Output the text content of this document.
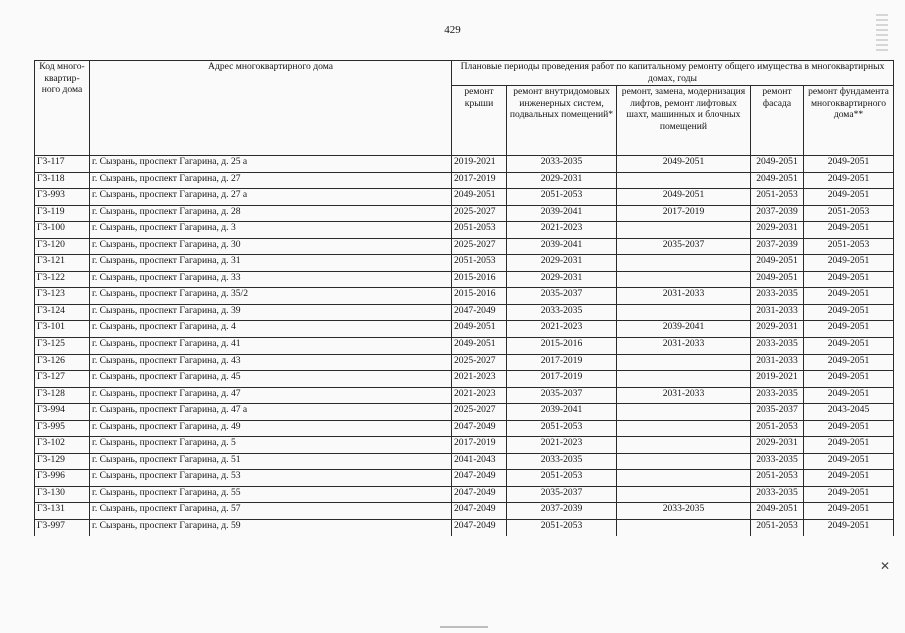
429
✕
Код много-квартир-ного дома	Адрес многоквартирного дома	Плановые периоды проведения работ по капитальному ремонту общего имущества в многоквартирных домах, годы				
		ремонт крыши	ремонт внутридомовых инженерных систем, подвальных помещений*	ремонт, замена, модернизация лифтов, ремонт лифтовых шахт, машинных и блочных помещений	ремонт фасада	ремонт фундамента многоквартирного дома**
Г3-117	г. Сызрань, проспект Гагарина, д. 25 а	2019-2021	2033-2035	2049-2051	2049-2051	2049-2051
Г3-118	г. Сызрань, проспект Гагарина, д. 27	2017-2019	2029-2031		2049-2051	2049-2051
Г3-993	г. Сызрань, проспект Гагарина, д. 27 а	2049-2051	2051-2053	2049-2051	2051-2053	2049-2051
Г3-119	г. Сызрань, проспект Гагарина, д. 28	2025-2027	2039-2041	2017-2019	2037-2039	2051-2053
Г3-100	г. Сызрань, проспект Гагарина, д. 3	2051-2053	2021-2023		2029-2031	2049-2051
Г3-120	г. Сызрань, проспект Гагарина, д. 30	2025-2027	2039-2041	2035-2037	2037-2039	2051-2053
Г3-121	г. Сызрань, проспект Гагарина, д. 31	2051-2053	2029-2031		2049-2051	2049-2051
Г3-122	г. Сызрань, проспект Гагарина, д. 33	2015-2016	2029-2031		2049-2051	2049-2051
Г3-123	г. Сызрань, проспект Гагарина, д. 35/2	2015-2016	2035-2037	2031-2033	2033-2035	2049-2051
Г3-124	г. Сызрань, проспект Гагарина, д. 39	2047-2049	2033-2035		2031-2033	2049-2051
Г3-101	г. Сызрань, проспект Гагарина, д. 4	2049-2051	2021-2023	2039-2041	2029-2031	2049-2051
Г3-125	г. Сызрань, проспект Гагарина, д. 41	2049-2051	2015-2016	2031-2033	2033-2035	2049-2051
Г3-126	г. Сызрань, проспект Гагарина, д. 43	2025-2027	2017-2019		2031-2033	2049-2051
Г3-127	г. Сызрань, проспект Гагарина, д. 45	2021-2023	2017-2019		2019-2021	2049-2051
Г3-128	г. Сызрань, проспект Гагарина, д. 47	2021-2023	2035-2037	2031-2033	2033-2035	2049-2051
Г3-994	г. Сызрань, проспект Гагарина, д. 47 а	2025-2027	2039-2041		2035-2037	2043-2045
Г3-995	г. Сызрань, проспект Гагарина, д. 49	2047-2049	2051-2053		2051-2053	2049-2051
Г3-102	г. Сызрань, проспект Гагарина, д. 5	2017-2019	2021-2023		2029-2031	2049-2051
Г3-129	г. Сызрань, проспект Гагарина, д. 51	2041-2043	2033-2035		2033-2035	2049-2051
Г3-996	г. Сызрань, проспект Гагарина, д. 53	2047-2049	2051-2053		2051-2053	2049-2051
Г3-130	г. Сызрань, проспект Гагарина, д. 55	2047-2049	2035-2037		2033-2035	2049-2051
Г3-131	г. Сызрань, проспект Гагарина, д. 57	2047-2049	2037-2039	2033-2035	2049-2051	2049-2051
Г3-997	г. Сызрань, проспект Гагарина, д. 59	2047-2049	2051-2053		2051-2053	2049-2051
